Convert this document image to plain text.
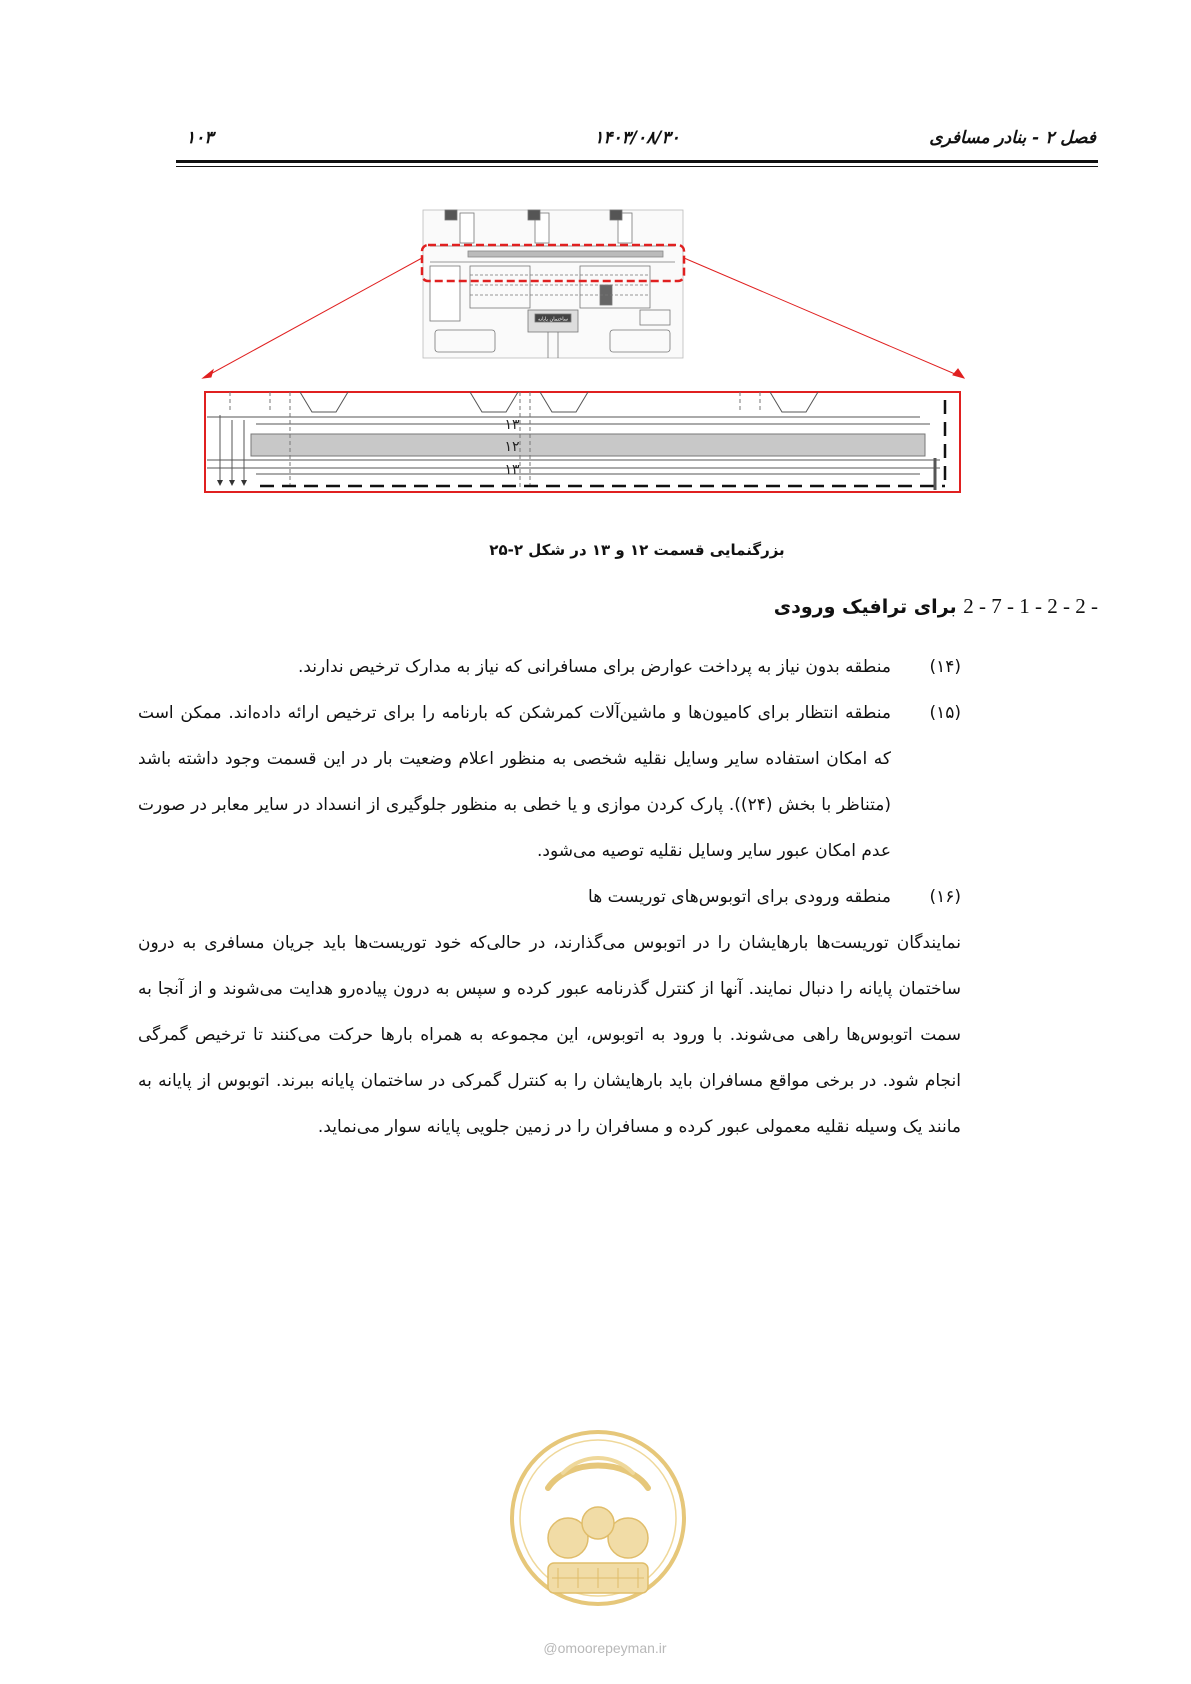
فصل ۲ - بنادر مسافری
۱۴۰۳/۰۸/۳۰
۱۰۳
ساختمان پایانه
۱۳
۱۲
۱۳
بزرگنمایی قسمت ۱۲ و ۱۳ در شکل ۲-۲۵
2 - 7 - 1 - 2 - 2 - برای ترافیک ورودی

(۱۴)
منطقه بدون نیاز به پرداخت عوارض برای مسافرانی که نیاز به مدارک ترخیص ندارند.

(۱۵)
منطقه انتظار برای کامیون‌ها و ماشین‌آلات کمرشکن که بارنامه را برای ترخیص ارائه داده‌اند. ممکن است که امکان استفاده سایر وسایل نقلیه شخصی به منظور اعلام وضعیت بار در این قسمت وجود داشته باشد (متناظر با بخش (۲۴)). پارک کردن موازی و یا خطی به منظور جلوگیری از انسداد در سایر معابر در صورت عدم امکان عبور سایر وسایل نقلیه توصیه می‌شود.

(۱۶)
منطقه ورودی برای اتوبوس‌های توریست ها

نمایندگان توریست‌ها بارهایشان را در اتوبوس می‌گذارند، در حالی‌که خود توریست‌ها باید جریان مسافری به درون ساختمان پایانه را دنبال نمایند. آنها از کنترل گذرنامه عبور کرده و سپس به درون پیاده‌رو هدایت می‌شوند و از آنجا به سمت اتوبوس‌ها راهی می‌شوند. با ورود به اتوبوس، این مجموعه به همراه بارها حرکت می‌کنند تا ترخیص گمرگی انجام شود. در برخی مواقع مسافران باید بارهایشان را به کنترل گمرکی در ساختمان پایانه ببرند. اتوبوس از پایانه به مانند یک وسیله نقلیه معمولی عبور کرده و مسافران را در زمین جلویی پایانه سوار می‌نماید.

@omoorepeyman.ir
